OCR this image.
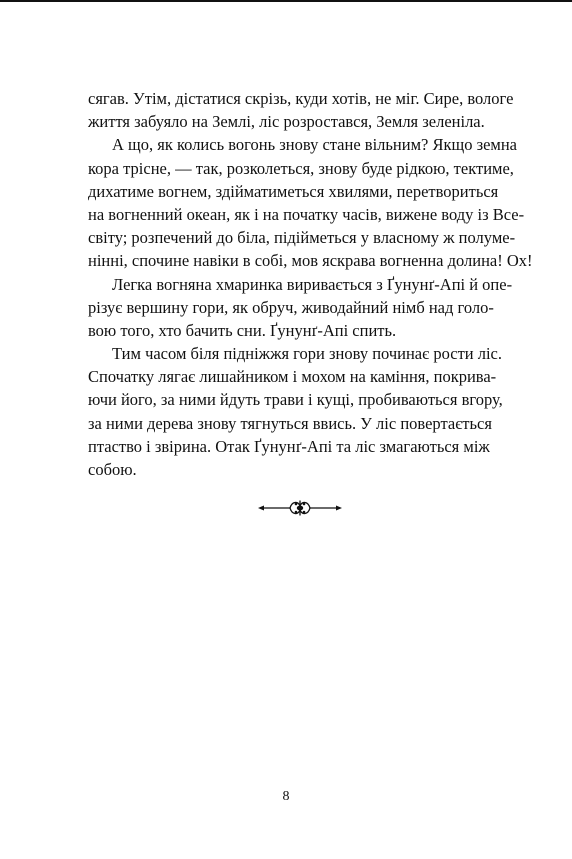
сягав. Утім, дістатися скрізь, куди хотів, не міг. Сире, вологе
життя забуяло на Землі, ліс розростався, Земля зеленіла.
А що, як колись вогонь знову стане вільним? Якщо земна
кора трісне, — так, розколеться, знову буде рідкою, тектиме,
дихатиме вогнем, здійматиметься хвилями, перетвориться
на вогненний океан, як і на початку часів, вижене воду із Все-
світу; розпечений до біла, підійметься у власному ж полуме-
нінні, спочине навіки в собі, мов яскрава вогненна долина! Ох!
Легка вогняна хмаринка виривається з Ґунунґ-Апі й опе-
різує вершину гори, як обруч, живодайний німб над голо-
вою того, хто бачить сни. Ґунунґ-Апі спить.
Тим часом біля підніжжя гори знову починає рости ліс.
Спочатку лягає лишайником і мохом на каміння, покрива-
ючи його, за ними йдуть трави і кущі, пробиваються вгору,
за ними дерева знову тягнуться ввись. У ліс повертається
птаство і звірина. Отак Ґунунґ-Апі та ліс змагаються між
собою.
8
